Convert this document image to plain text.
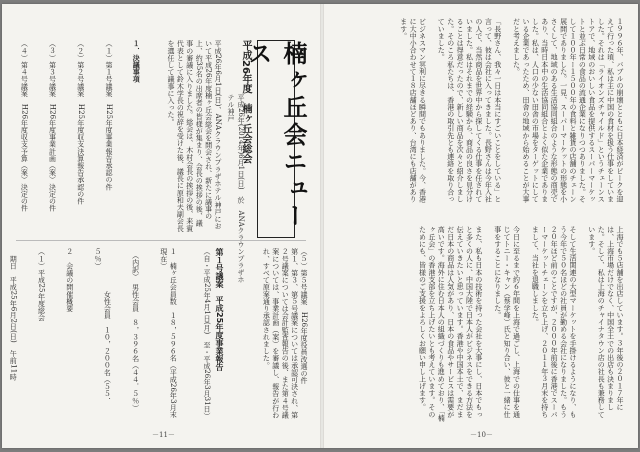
楠ヶ丘会ニュース
平成26年度　楠ヶ丘会総会
平成26年(2014年)6月1日(日)　於　ANAクラウンプラザホテル神戸
平成26年6月1日(日)、ANAクラウンプラザホテル神戸において平成26年度楠ヶ丘会総会を開会され、新たに議事の上、約35名の出席者の皆様が集まり、会長の挨拶の後、議事の審議に入りました。総会は、木村会長の挨拶の後、来賓代表として鈴木学長の祝辞を受けた後、議長に原和夫副会長を選任して議事に入った。

１．決議事項

（１）第１号議案　H25年度事業報告承認の件

（２）第２号議案　H25年度収支決算報告承認の件

（３）第３号議案　H26年度事業計画（案）決定の件

（４）第４号議案　H26年度収支予算（案）決定の件

（５）第５号議案　H26年度役員改選の件
第１、第３、第５号議案については承認可決され、第２号議案については会計監査報告の後、また第４号議案については、事業計画（案）を審議し、報告が行われ、すべて原案通り承認されました。
第１号議案　平成25年度事業報告
（自・平成25年4月1日(月)　至・平成26年3月31日）

１　楠ヶ丘会員数　１８，５９６名（平成26年3月末現在）

　（内訳）　男性会員　８，３９６名（４４．５％）

　　　　　　女性会員　１０，２００名（５５．５％）

２　会議の開催概要

（１）平成25年度総会

　期日　平成25年6月2日(日)　午前11時

－11－
１９９６年、バブルの崩壊とともに日本経済がピークを迎えて行った頃、私は主に中国の食材を扱う仕事をしていました。それは「ライオンズチャイルド」というチェーンストアで、地域のおいしい食品を提供するスーパーマーケットと並ぶ日常の食品の流通企業になりつつありました。そして１００年ー１５００年の食料と雑貨の店舗のチェーン展開でありました。一見、スーパーマーケットの形態を小さくして、地域のある生活協同組合のような形態の商売であり、当時日本中の生活協同組合とよく似た企業でありました。私は、人口の少ない田舎の市場をターゲットにしている企業であったため、田舎の地域から始めることが大事だと考えました。

「長野さん、我々一日は本当にすごいことをしている」と言って、彼は会社に入ってきました。長野さんは今年入社の人で、当然商品を世界中から探してくる仕事を任されていました。私はそれまでの経験から、商品の良さを見分けることは得意だったので、新しい商品を次々と紹介しました。そのころ私たちは、香港の取引先とも連絡を取り合っていました。

ビジネスマン冥利に尽きる瞬間でもありました。今、香港に大中小合わせて１８店舗ほどあり、台湾にも店舗があります。
上海でも５店舗を出店しています。３年後の２０１７年には、上海市場だけでなく、中国全土での出店も決まりました。そして、私は上海のチャイナタウン店の社長も兼務しています。

そして生活関連の大型マーケットを手掛けるようになり、もう今年で５０名ほどの社員が勤める会社になりました。もう２０年ほど前のことですが、２０００年前後に香港でスーパーマーケットチェーンを立ち上げ、２０１１年３月末を持ちまして、当社を退職しました。

今日に至るまで約６年間を上海で過ごし、上海での仕事を通じてトニー・キャン（蔡学峰）氏と知り合い、彼と一緒に仕事をすることになりました。

また、私も日本の技術を持った会社を大事にし、日本でもっと多くの人に、中国大陸で日本人がビジネスをできる方法を伝えていきたいと思っています。香港や中国本土で、まだまだ日本の商品は人気があり、日本の食品やサービスは需要が高いです。海外に住む日本人の組織づくりも進めており、「楠ヶ丘会」の香港支部を立ち上げたいとも考えています。そのためにも、皆様のご支援をよろしくお願い申し上げます。
－10－
